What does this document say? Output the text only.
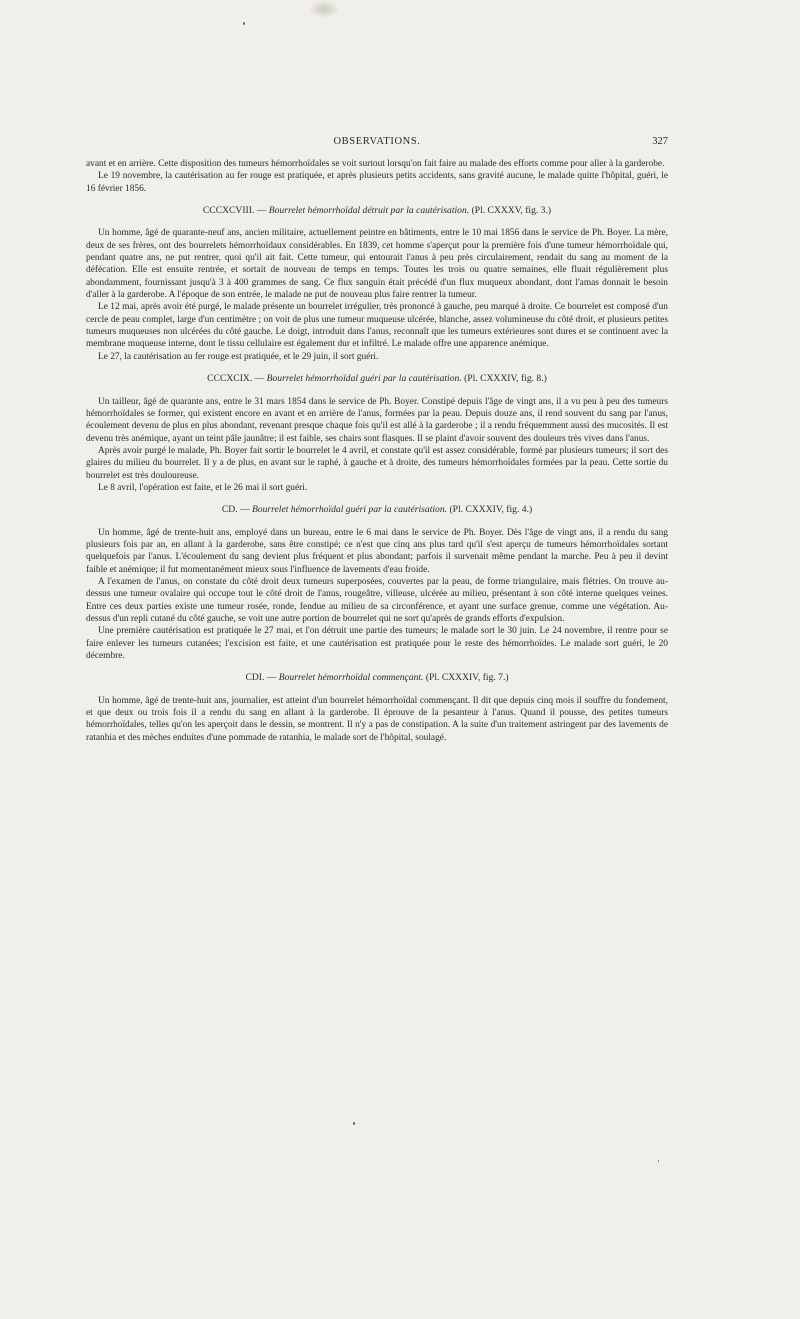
OBSERVATIONS.	327

avant et en arrière. Cette disposition des tumeurs hémorrhoïdales se voit surtout lorsqu'on fait faire au malade des efforts comme pour aller à la garderobe.

Le 19 novembre, la cautérisation au fer rouge est pratiquée, et après plusieurs petits accidents, sans gravité aucune, le malade quitte l'hôpital, guéri, le 16 février 1856.

CCCXCVIII. — Bourrelet hémorrhoïdal détruit par la cautérisation. (Pl. CXXXV, fig. 3.)

Un homme, âgé de quarante-neuf ans, ancien militaire, actuellement peintre en bâtiments, entre le 10 mai 1856 dans le service de Ph. Boyer. La mère, deux de ses frères, ont des bourrelets hémorrhoïdaux considérables. En 1839, cet homme s'aperçut pour la première fois d'une tumeur hémorrhoïdale qui, pendant quatre ans, ne put rentrer, quoi qu'il ait fait. Cette tumeur, qui entourait l'anus à peu près circulairement, rendait du sang au moment de la défécation. Elle est ensuite rentrée, et sortait de nouveau de temps en temps. Toutes les trois ou quatre semaines, elle fluait régulièrement plus abondamment, fournissant jusqu'à 3 à 400 grammes de sang. Ce flux sanguin était précédé d'un flux muqueux abondant, dont l'amas donnait le besoin d'aller à la garderobe. A l'époque de son entrée, le malade ne put de nouveau plus faire rentrer la tumeur.

Le 12 mai, après avoir été purgé, le malade présente un bourrelet irrégulier, très prononcé à gauche, peu marqué à droite. Ce bourrelet est composé d'un cercle de peau complet, large d'un centimètre ; on voit de plus une tumeur muqueuse ulcérée, blanche, assez volumineuse du côté droit, et plusieurs petites tumeurs muqueuses non ulcérées du côté gauche. Le doigt, introduit dans l'anus, reconnaît que les tumeurs extérieures sont dures et se continuent avec la membrane muqueuse interne, dont le tissu cellulaire est également dur et infiltré. Le malade offre une apparence anémique.

Le 27, la cautérisation au fer rouge est pratiquée, et le 29 juin, il sort guéri.

CCCXCIX. — Bourrelet hémorrhoïdal guéri par la cautérisation. (Pl. CXXXIV, fig. 8.)

Un tailleur, âgé de quarante ans, entre le 31 mars 1854 dans le service de Ph. Boyer. Constipé depuis l'âge de vingt ans, il a vu peu à peu des tumeurs hémorrhoïdales se former, qui existent encore en avant et en arrière de l'anus, formées par la peau. Depuis douze ans, il rend souvent du sang par l'anus, écoulement devenu de plus en plus abondant, revenant presque chaque fois qu'il est allé à la garderobe ; il a rendu fréquemment aussi des mucosités. Il est devenu très anémique, ayant un teint pâle jaunâtre; il est faible, ses chairs sont flasques. Il se plaint d'avoir souvent des douleurs très vives dans l'anus.

Après avoir purgé le malade, Ph. Boyer fait sortir le bourrelet le 4 avril, et constate qu'il est assez considérable, formé par plusieurs tumeurs; il sort des glaires du milieu du bourrelet. Il y a de plus, en avant sur le raphé, à gauche et à droite, des tumeurs hémorrhoïdales formées par la peau. Cette sortie du bourrelet est très douloureuse.

Le 8 avril, l'opération est faite, et le 26 mai il sort guéri.

CD. — Bourrelet hémorrhoïdal guéri par la cautérisation. (Pl. CXXXIV, fig. 4.)

Un homme, âgé de trente-huit ans, employé dans un bureau, entre le 6 mai dans le service de Ph. Boyer. Dès l'âge de vingt ans, il a rendu du sang plusieurs fois par an, en allant à la garderobe, sans être constipé; ce n'est que cinq ans plus tard qu'il s'est aperçu de tumeurs hémorrhoïdales sortant quelquefois par l'anus. L'écoulement du sang devient plus fréquent et plus abondant; parfois il survenait même pendant la marche. Peu à peu il devint faible et anémique; il fut momentanément mieux sous l'influence de lavements d'eau froide.

A l'examen de l'anus, on constate du côté droit deux tumeurs superposées, couvertes par la peau, de forme triangulaire, mais flétries. On trouve au-dessus une tumeur ovalaire qui occupe tout le côté droit de l'anus, rougeâtre, villeuse, ulcérée au milieu, présentant à son côté interne quelques veines. Entre ces deux parties existe une tumeur rosée, ronde, fendue au milieu de sa circonférence, et ayant une surface grenue, comme une végétation. Au-dessus d'un repli cutané du côté gauche, se voit une autre portion de bourrelet qui ne sort qu'après de grands efforts d'expulsion.

Une première cautérisation est pratiquée le 27 mai, et l'on détruit une partie des tumeurs; le malade sort le 30 juin. Le 24 novembre, il rentre pour se faire enlever les tumeurs cutanées; l'excision est faite, et une cautérisation est pratiquée pour le reste des hémorrhoïdes. Le malade sort guéri, le 20 décembre.

CDI. — Bourrelet hémorrhoïdal commençant. (Pl. CXXXIV, fig. 7.)

Un homme, âgé de trente-huit ans, journalier, est atteint d'un bourrelet hémorrhoïdal commençant. Il dit que depuis cinq mois il souffre du fondement, et que deux ou trois fois il a rendu du sang en allant à la garderobe. Il éprouve de la pesanteur à l'anus. Quand il pousse, des petites tumeurs hémorrhoïdales, telles qu'on les aperçoit dans le dessin, se montrent. Il n'y a pas de constipation. A la suite d'un traitement astringent par des lavements de ratanhia et des mèches enduites d'une pommade de ratanhia, le malade sort de l'hôpital, soulagé.
